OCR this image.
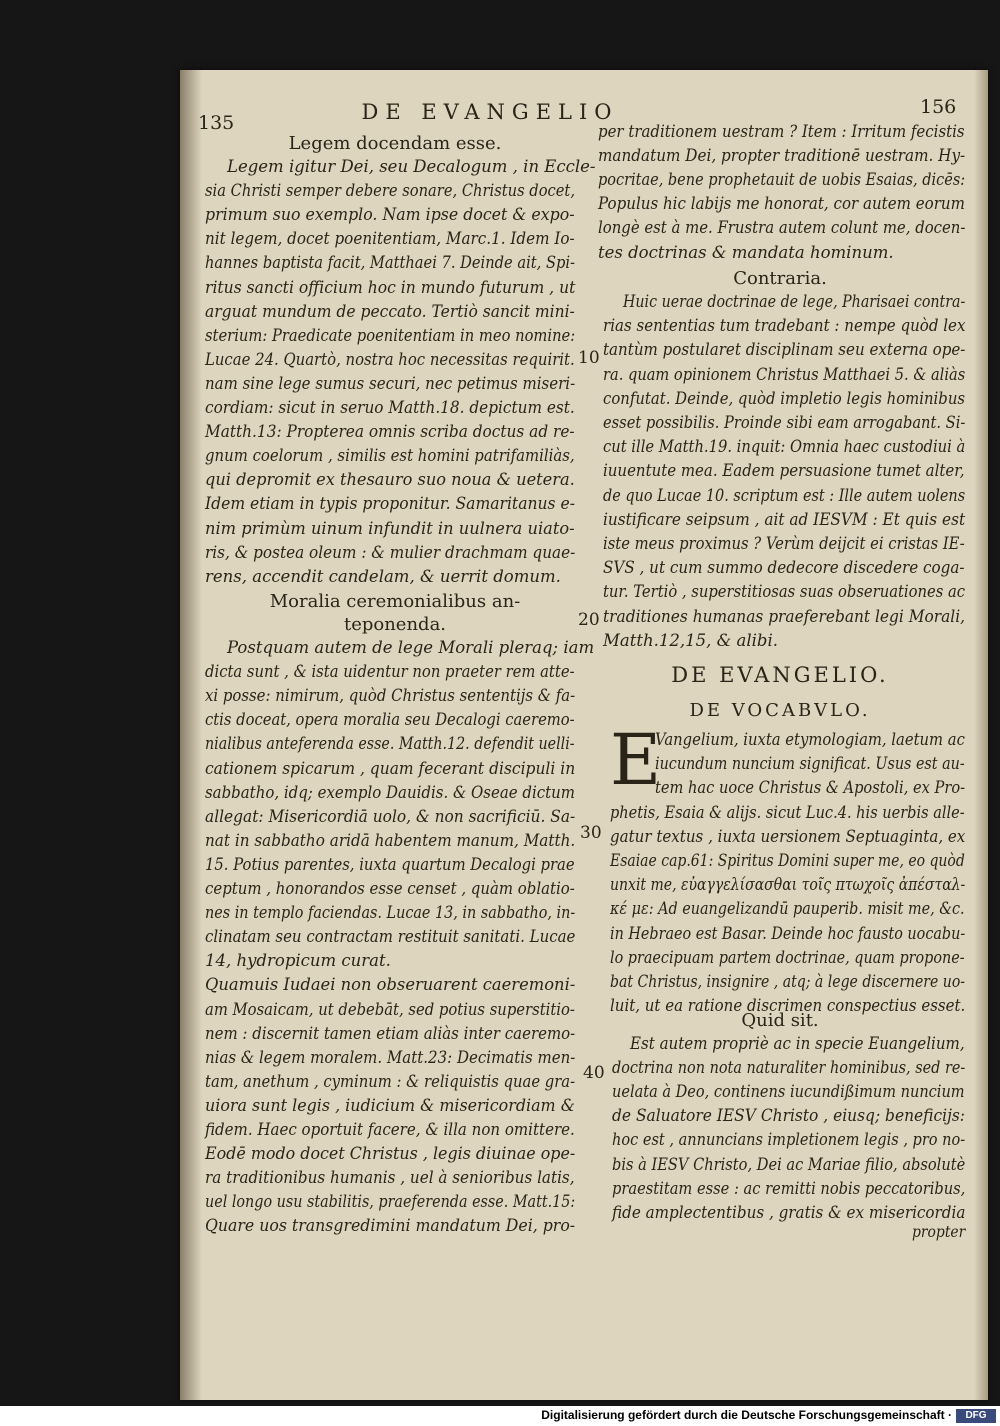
135	DE EVANGELIO	156
Legem docendam esse.
Legem igitur Dei, seu Decalogum , in Eccle-
sia Christi semper debere sonare, Christus docet,
primum suo exemplo. Nam ipse docet & expo-
nit legem, docet poenitentiam, Marc.1. Idem Io-
hannes baptista facit, Matthaei 7. Deinde ait, Spi-
ritus sancti officium hoc in mundo futurum , ut
arguat mundum de peccato. Tertiò sancit mini-
sterium: Praedicate poenitentiam in meo nomine:
Lucae 24. Quartò, nostra hoc necessitas requirit.
nam sine lege sumus securi, nec petimus miseri-
cordiam: sicut in seruo Matth.18. depictum est.
Matth.13: Propterea omnis scriba doctus ad re-
gnum coelorum , similis est homini patrifamiliàs,
qui depromit ex thesauro suo noua & uetera.
Idem etiam in typis proponitur. Samaritanus e-
nim primùm uinum infundit in uulnera uiato-
ris, & postea oleum : & mulier drachmam quae-
rens, accendit candelam, & uerrit domum.
Postquam autem de lege Morali pleraq; iam
dicta sunt , & ista uidentur non praeter rem atte-
xi posse: nimirum, quòd Christus sententijs & fa-
ctis doceat, opera moralia seu Decalogi caeremo-
nialibus anteferenda esse. Matth.12. defendit uelli-
cationem spicarum , quam fecerant discipuli in
sabbatho, idq; exemplo Dauidis. & Oseae dictum
allegat: Misericordiā uolo, & non sacrificiū. Sa-
nat in sabbatho aridā habentem manum, Matth.
15. Potius parentes, iuxta quartum Decalogi prae
ceptum , honorandos esse censet , quàm oblatio-
nes in templo faciendas. Lucae 13, in sabbatho, in-
clinatam seu contractam restituit sanitati. Lucae
14, hydropicum curat.
Quamuis Iudaei non obseruarent caeremoni-
am Mosaicam, ut debebāt, sed potius superstitio-
nem : discernit tamen etiam aliàs inter caeremo-
nias & legem moralem. Matt.23: Decimatis men-
tam, anethum , cyminum : & reliquistis quae gra-
uiora sunt legis , iudicium & misericordiam &
fidem. Haec oportuit facere, & illa non omittere.
Eodē modo docet Christus , legis diuinae ope-
ra traditionibus humanis , uel à senioribus latis,
uel longo usu stabilitis, praeferenda esse. Matt.15:
Quare uos transgredimini mandatum Dei, pro-
Moralia ceremonialibus an-
teponenda.
per traditionem uestram ? Item : Irritum fecistis
mandatum Dei, propter traditionē uestram. Hy-
pocritae, bene prophetauit de uobis Esaias, dicēs:
Populus hic labijs me honorat, cor autem eorum
longè est à me. Frustra autem colunt me, docen-
tes doctrinas & mandata hominum.
Huic uerae doctrinae de lege, Pharisaei contra-
rias sententias tum tradebant : nempe quòd lex
tantùm postularet disciplinam seu externa ope-
ra. quam opinionem Christus Matthaei 5. & aliàs
confutat. Deinde, quòd impletio legis hominibus
esset possibilis. Proinde sibi eam arrogabant. Si-
cut ille Matth.19. inquit: Omnia haec custodiui à
iuuentute mea. Eadem persuasione tumet alter,
de quo Lucae 10. scriptum est : Ille autem uolens
iustificare seipsum , ait ad IESVM : Et quis est
iste meus proximus ? Verùm deijcit ei cristas IE-
SVS , ut cum summo dedecore discedere coga-
tur. Tertiò , superstitiosas suas obseruationes ac
traditiones humanas praeferebant legi Morali,
Matth.12,15, & alibi.
Vangelium, iuxta etymologiam, laetum ac
iucundum nuncium significat. Usus est au-
tem hac uoce Christus & Apostoli, ex Pro-
phetis, Esaia & alijs. sicut Luc.4. his uerbis alle-
gatur textus , iuxta uersionem Septuaginta, ex
Esaiae cap.61: Spiritus Domini super me, eo quòd
unxit me, εὐαγγελίσασθαι τοῖς πτωχοῖς ἀπέσταλ-
κέ με: Ad euangelizandū pauperib. misit me, &c.
in Hebraeo est Basar. Deinde hoc fausto uocabu-
lo praecipuam partem doctrinae, quam propone-
bat Christus, insignire , atq; à lege discernere uo-
luit, ut ea ratione discrimen conspectius esset.
Est autem propriè ac in specie Euangelium,
doctrina non nota naturaliter hominibus, sed re-
uelata à Deo, continens iucundißimum nuncium
de Saluatore IESV Christo , eiusq; beneficijs:
hoc est , annuncians impletionem legis , pro no-
bis à IESV Christo, Dei ac Mariae filio, absolutè
praestitam esse : ac remitti nobis peccatoribus,
fide amplectentibus , gratis & ex misericordia
Contraria.
DE EVANGELIO.
DE VOCABVLO.
E
Quid sit.
propter
10
20
30
40
Digitalisierung gefördert durch die Deutsche Forschungsgemeinschaft ·	DFG
